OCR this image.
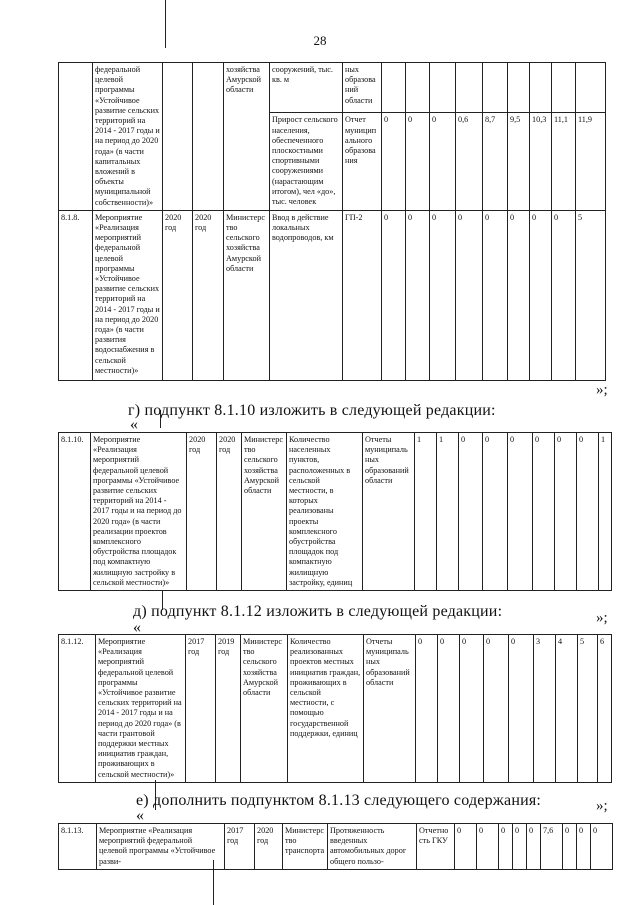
28
	федеральной целевой программы «Устойчивое развитие сельских территорий на 2014 - 2017 годы и на период до 2020 года» (в части капитальных вложений в объекты муниципальной собственности)»			хозяйства Амурской области	сооружений, тыс. кв. м	ных образований области									
					Прирост сельского населения, обеспеченного плоскостными спортивными сооружениями (нарастающим итогом), чел «до», тыс. человек	Отчет муниципального образования	0	0	0	0,6	8,7	9,5	10,3	11,1	11,9
8.1.8.	Мероприятие «Реализация мероприятий федеральной целевой программы «Устойчивое развитие сельских территорий на 2014 - 2017 годы и на период до 2020 года» (в части развития водоснабжения в сельской местности)»	2020 год	2020 год	Министерство сельского хозяйства Амурской области	Ввод в действие локальных водопроводов, км	ГП-2	0	0	0	0	0	0	0	0	5
»;
г) подпункт 8.1.10 изложить в следующей редакции:
«
8.1.10.	Мероприятие «Реализация мероприятий федеральной целевой программы «Устойчивое развитие сельских территорий на 2014 - 2017 годы и на период до 2020 года» (в части реализации проектов комплексного обустройства площадок под компактную жилищную застройку в сельской местности)»	2020 год	2020 год	Министерство сельского хозяйства Амурской области	Количество населенных пунктов, расположенных в сельской местности, в которых реализованы проекты комплексного обустройства площадок под компактную жилищную застройку, единиц	Отчеты муниципальных образований области	1	1	0	0	0	0	0	0	1
»;
д) подпункт 8.1.12 изложить в следующей редакции:
«
8.1.12.	Мероприятие «Реализация мероприятий федеральной целевой программы «Устойчивое развитие сельских территорий на 2014 - 2017 годы и на период до 2020 года» (в части грантовой поддержки местных инициатив граждан, проживающих в сельской местности)»	2017 год	2019 год	Министерство сельского хозяйства Амурской области	Количество реализованных проектов местных инициатив граждан, проживающих в сельской местности, с помощью государственной поддержки, единиц	Отчеты муниципальных образований области	0	0	0	0	0	3	4	5	6
»;
е) дополнить подпунктом 8.1.13 следующего содержания:
«
8.1.13.	Мероприятие «Реализация мероприятий федеральной целевой программы «Устойчивое разви-	2017 год	2020 год	Министерство транспорта	Протяженность введенных автомобильных дорог общего пользо-	Отчетность ГКУ	0	0	0	0	0	7,6	0	0	0
